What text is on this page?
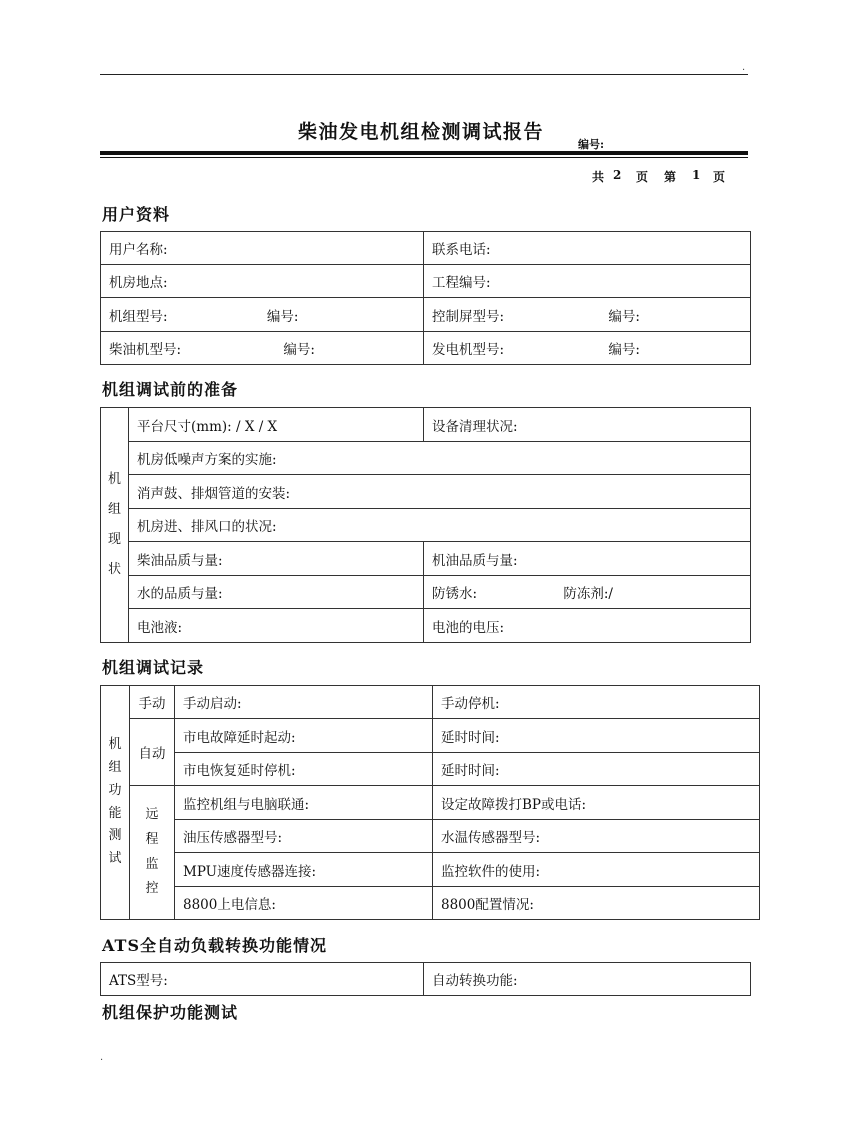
.
柴油发电机组检测调试报告
编号:
共 2 页 第 1 页
用户资料
用户名称:	联系电话:
机房地点:	工程编号:
机组型号: 编号:	控制屏型号: 编号:
柴油机型号: 编号:	发电机型号: 编号:
机组调试前的准备
机组现状	平台尺寸(mm): / X / X	设备清理状况:
	机房低噪声方案的实施:	
	消声鼓、排烟管道的安装:	
	机房进、排风口的状况:	
	柴油品质与量:	机油品质与量:
	水的品质与量:	防锈水: 防冻剂:/
	电池液:	电池的电压:
机组调试记录
机组功能测试	手动	手动启动:	手动停机:
	自动	市电故障延时起动:	延时时间:
		市电恢复延时停机:	延时时间:
	远程监控	监控机组与电脑联通:	设定故障拨打BP或电话:
		油压传感器型号:	水温传感器型号:
		MPU速度传感器连接:	监控软件的使用:
		8800上电信息:	8800配置情况:
ATS全自动负载转换功能情况
ATS型号:	自动转换功能:
机组保护功能测试
.
